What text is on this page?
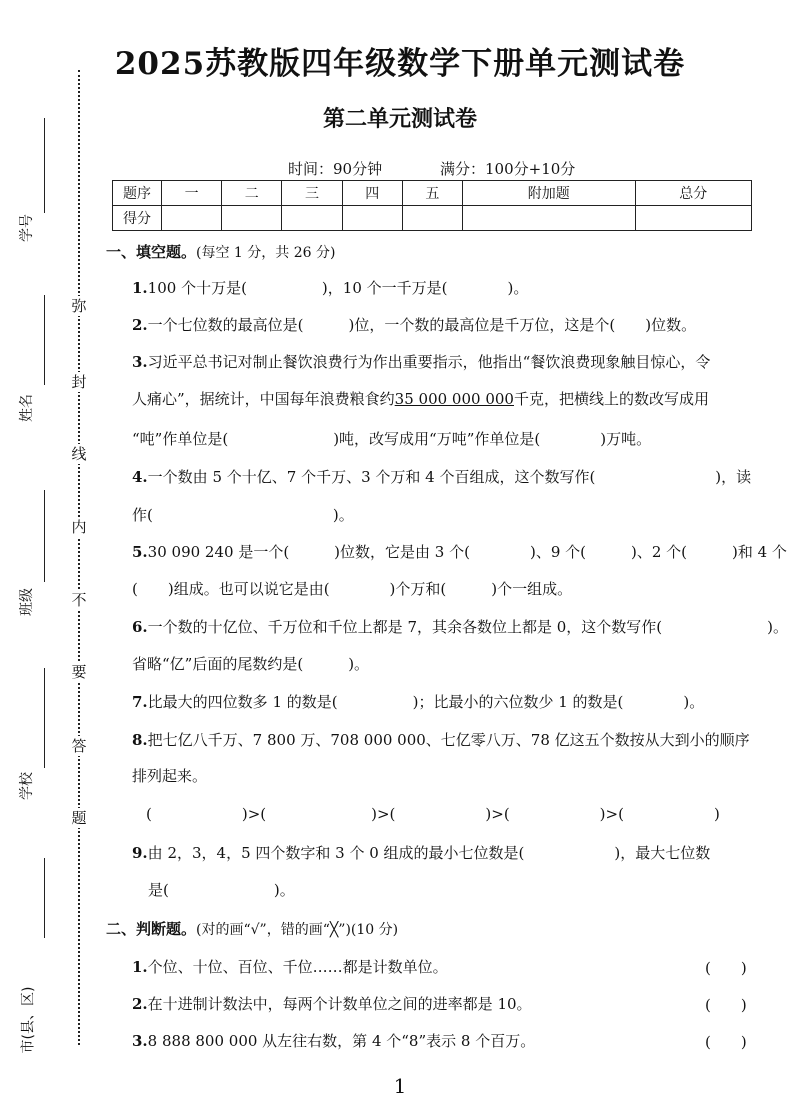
学号
姓名
班级
学校
市(县、区)
弥
封
线
内
不
要
答
题
2025苏教版四年级数学下册单元测试卷
第二单元测试卷
时间：90分钟	满分：100分+10分
题序	一	二	三	四	五	附加题	总分
得分							
一、填空题。(每空 1 分，共 26 分)
1.100 个十万是(　　　　　)，10 个一千万是(　　　　)。
2.一个七位数的最高位是(　　　)位，一个数的最高位是千万位，这是个(　　)位数。
3.习近平总书记对制止餐饮浪费行为作出重要指示，他指出“餐饮浪费现象触目惊心，令
人痛心”，据统计，中国每年浪费粮食约35 000 000 000千克，把横线上的数改写成用
“吨”作单位是(　　　　　　　)吨，改写成用“万吨”作单位是(　　　　)万吨。
4.一个数由 5 个十亿、7 个千万、3 个万和 4 个百组成，这个数写作(　　　　　　　　)，读
作(　　　　　　　　　　　　)。
5.30 090 240 是一个(　　　)位数，它是由 3 个(　　　　)、9 个(　　　)、2 个(　　　)和 4 个
(　　)组成。也可以说它是由(　　　　)个万和(　　　)个一组成。
6.一个数的十亿位、千万位和千位上都是 7，其余各数位上都是 0，这个数写作(　　　　　　　)。
省略“亿”后面的尾数约是(　　　)。
7.比最大的四位数多 1 的数是(　　　　　)；比最小的六位数少 1 的数是(　　　　)。
8.把七亿八千万、7 800 万、708 000 000、七亿零八万、78 亿这五个数按从大到小的顺序
排列起来。
(　　　　　　)>(　　　　　　　)>(　　　　　　)>(　　　　　　)>(　　　　　　)
9.由 2，3，4，5 四个数字和 3 个 0 组成的最小七位数是(　　　　　　)，最大七位数
是(　　　　　　　)。
二、判断题。(对的画“√”，错的画“╳”)(10 分)
1.个位、十位、百位、千位……都是计数单位。	(　　)
2.在十进制计数法中，每两个计数单位之间的进率都是 10。	(　　)
3.8 888 800 000 从左往右数，第 4 个“8”表示 8 个百万。	(　　)
1
